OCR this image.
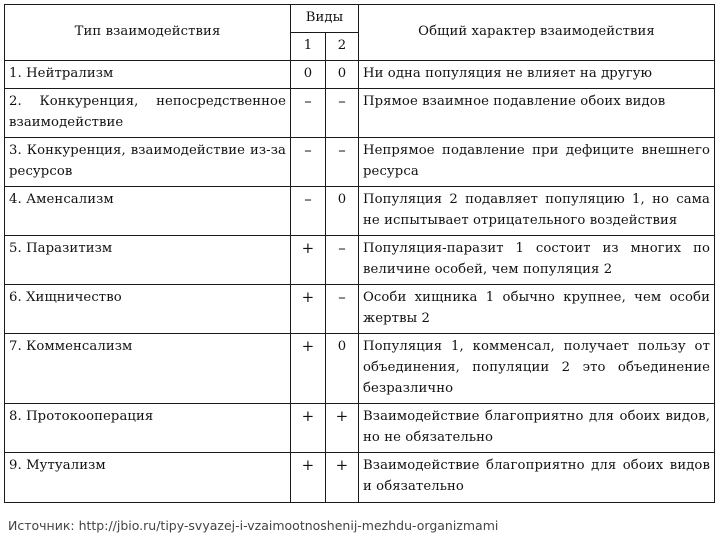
Тип взаимодействия	Виды		Общий характер взаимодействия
	1	2	
1. Нейтрализм	0	0	Ни одна популяция не влияет на другую
2. Конкуренция, непосредственное взаимодействие	–	–	Прямое взаимное подавление обоих видов
3. Конкуренция, взаимодействие из-за ресурсов	–	–	Непрямое подавление при дефиците внешнего ресурса
4. Аменсализм	–	0	Популяция 2 подавляет популяцию 1, но сама не испытывает отрицательного воздействия
5. Паразитизм	+	–	Популяция-паразит 1 состоит из многих по величине особей, чем популяция 2
6. Хищничество	+	–	Особи хищника 1 обычно крупнее, чем особи жертвы 2
7. Комменсализм	+	0	Популяция 1, комменсал, получает пользу от объединения, популяции 2 это объединение безразлично
8. Протокооперация	+	+	Взаимодействие благоприятно для обоих видов, но не обязательно
9. Мутуализм	+	+	Взаимодействие благоприятно для обоих видов и обязательно
Источник: http://jbio.ru/tipy-svyazej-i-vzaimootnoshenij-mezhdu-organizmami
